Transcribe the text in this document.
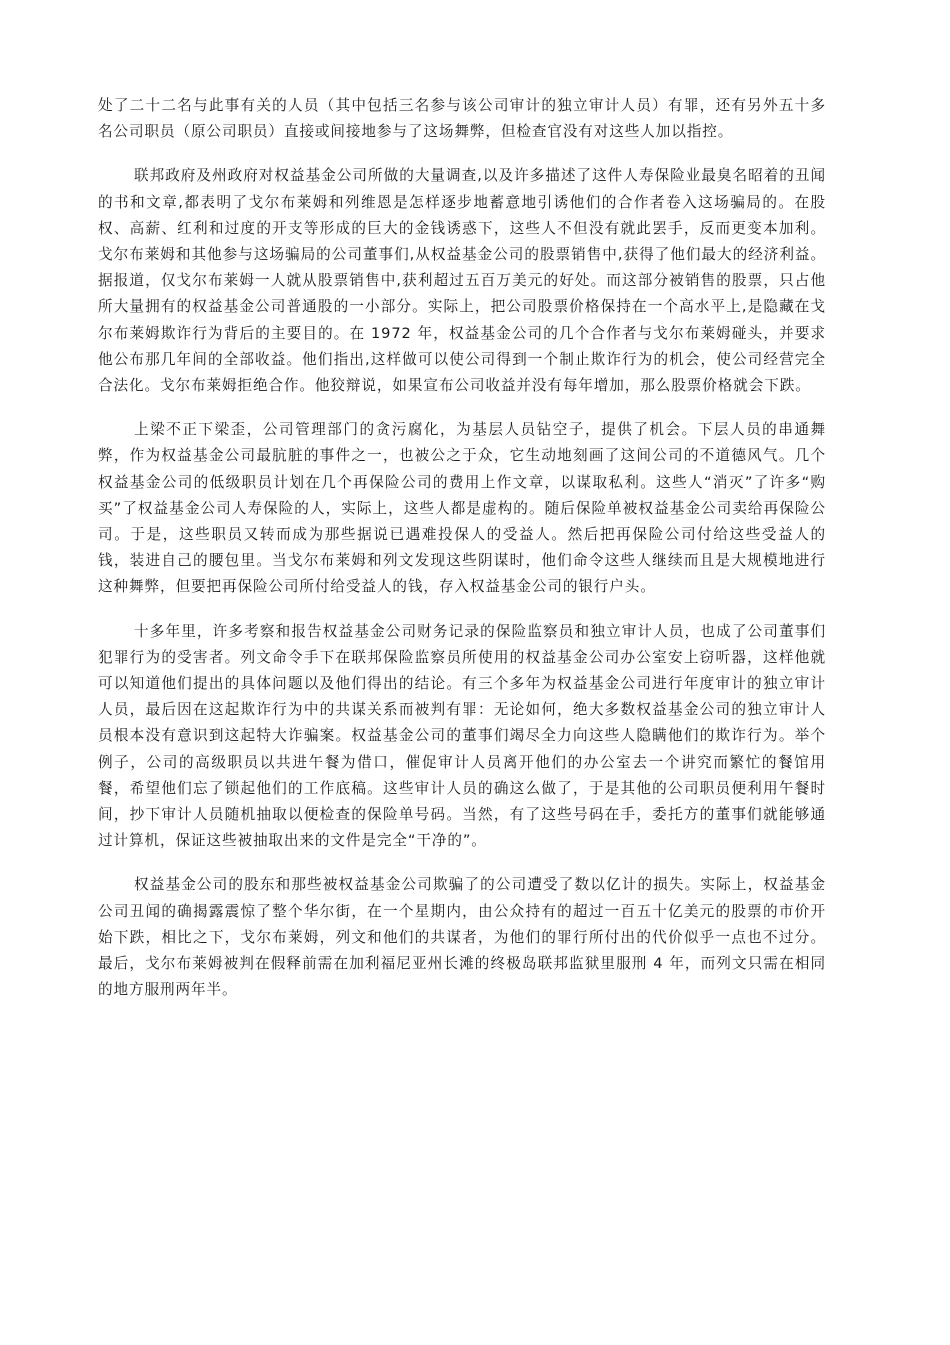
处了二十二名与此事有关的人员（其中包括三名参与该公司审计的独立审计人员）有罪，还有另外五十多名公司职员（原公司职员）直接或间接地参与了这场舞弊，但检查官没有对这些人加以指控。

联邦政府及州政府对权益基金公司所做的大量调查,以及许多描述了这件人寿保险业最臭名昭着的丑闻的书和文章,都表明了戈尔布莱姆和列维恩是怎样逐步地蓄意地引诱他们的合作者卷入这场骗局的。在股权、高薪、红利和过度的开支等形成的巨大的金钱诱惑下，这些人不但没有就此罢手，反而更变本加利。戈尔布莱姆和其他参与这场骗局的公司董事们,从权益基金公司的股票销售中,获得了他们最大的经济利益。据报道，仅戈尔布莱姆一人就从股票销售中,获利超过五百万美元的好处。而这部分被销售的股票，只占他所大量拥有的权益基金公司普通股的一小部分。实际上，把公司股票价格保持在一个高水平上,是隐藏在戈尔布莱姆欺诈行为背后的主要目的。在 1972 年，权益基金公司的几个合作者与戈尔布莱姆碰头，并要求他公布那几年间的全部收益。他们指出,这样做可以使公司得到一个制止欺诈行为的机会，使公司经营完全合法化。戈尔布莱姆拒绝合作。他狡辩说，如果宣布公司收益并没有每年增加，那么股票价格就会下跌。

上梁不正下梁歪，公司管理部门的贪污腐化，为基层人员钻空子，提供了机会。下层人员的串通舞弊，作为权益基金公司最肮脏的事件之一，也被公之于众，它生动地刻画了这间公司的不道德风气。几个权益基金公司的低级职员计划在几个再保险公司的费用上作文章，以谋取私利。这些人“消灭”了许多“购买”了权益基金公司人寿保险的人，实际上，这些人都是虚构的。随后保险单被权益基金公司卖给再保险公司。于是，这些职员又转而成为那些据说已遇难投保人的受益人。然后把再保险公司付给这些受益人的钱，装进自己的腰包里。当戈尔布莱姆和列文发现这些阴谋时，他们命令这些人继续而且是大规模地进行这种舞弊，但要把再保险公司所付给受益人的钱，存入权益基金公司的银行户头。

十多年里，许多考察和报告权益基金公司财务记录的保险监察员和独立审计人员，也成了公司董事们犯罪行为的受害者。列文命令手下在联邦保险监察员所使用的权益基金公司办公室安上窃听器，这样他就可以知道他们提出的具体问题以及他们得出的结论。有三个多年为权益基金公司进行年度审计的独立审计人员，最后因在这起欺诈行为中的共谋关系而被判有罪：无论如何，绝大多数权益基金公司的独立审计人员根本没有意识到这起特大诈骗案。权益基金公司的董事们竭尽全力向这些人隐瞒他们的欺诈行为。举个例子，公司的高级职员以共进午餐为借口，催促审计人员离开他们的办公室去一个讲究而繁忙的餐馆用餐，希望他们忘了锁起他们的工作底稿。这些审计人员的确这么做了，于是其他的公司职员便利用午餐时间，抄下审计人员随机抽取以便检查的保险单号码。当然，有了这些号码在手，委托方的董事们就能够通过计算机，保证这些被抽取出来的文件是完全“干净的”。

权益基金公司的股东和那些被权益基金公司欺骗了的公司遭受了数以亿计的损失。实际上，权益基金公司丑闻的确揭露震惊了整个华尔街，在一个星期内，由公众持有的超过一百五十亿美元的股票的市价开始下跌，相比之下，戈尔布莱姆，列文和他们的共谋者，为他们的罪行所付出的代价似乎一点也不过分。最后，戈尔布莱姆被判在假释前需在加利福尼亚州长滩的终极岛联邦监狱里服刑 4 年，而列文只需在相同的地方服刑两年半。
